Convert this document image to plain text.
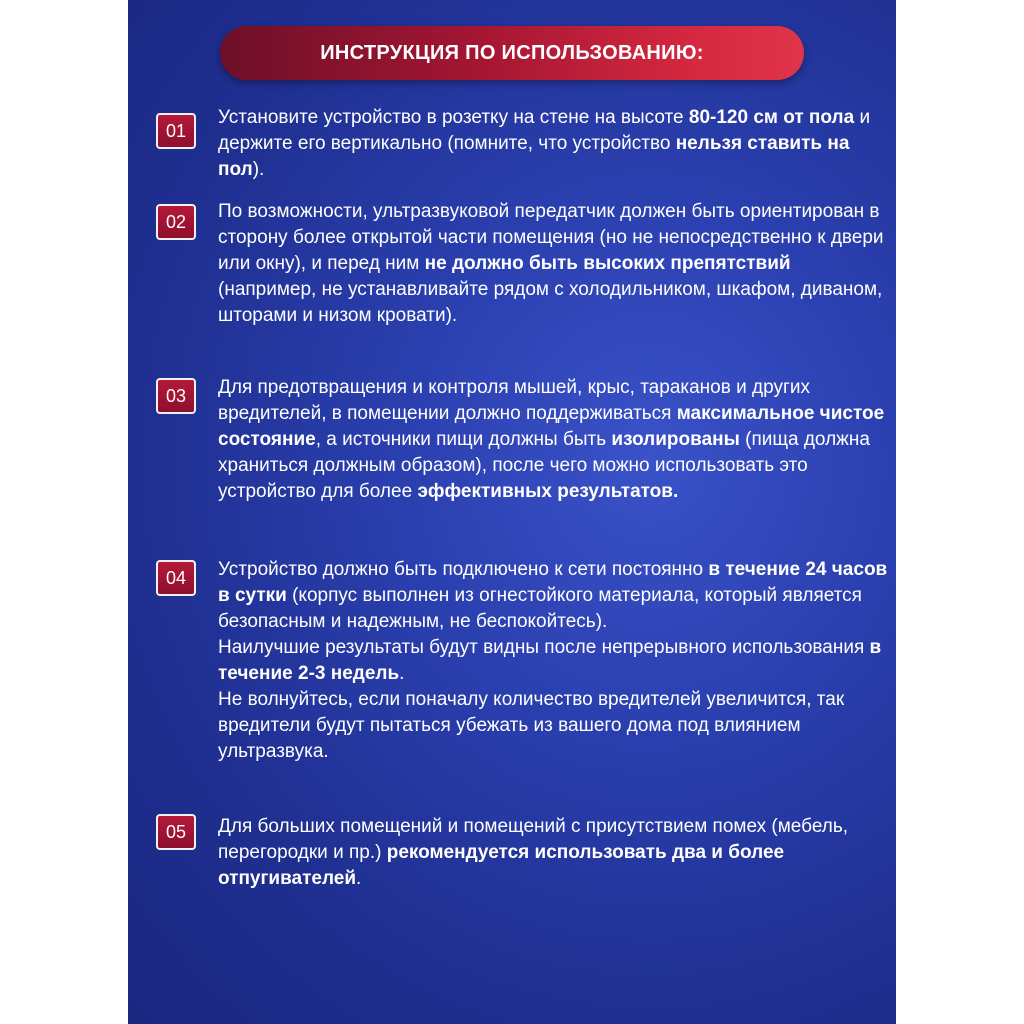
ИНСТРУКЦИЯ ПО ИСПОЛЬЗОВАНИЮ:
01

Установите устройство в розетку на стене на высоте 80-120 см от пола и держите его вертикально (помните, что устройство нельзя ставить на пол).

02	По возможности, ультразвуковой передатчик должен быть ориентирован в сторону более открытой части помещения (но не непосредственно к двери или окну), и перед ним не должно быть высоких препятствий (например, не устанавливайте рядом с холодильником, шкафом, диваном, шторами и низом кровати).

03	Для предотвращения и контроля мышей, крыс, тараканов и других вредителей, в помещении должно поддерживаться максимальное чистое состояние, а источники пищи должны быть изолированы (пища должна храниться должным образом), после чего можно использовать это устройство для более эффективных результатов.

04	Устройство должно быть подключено к сети постоянно в течение 24 часов в сутки (корпус выполнен из огнестойкого материала, который является безопасным и надежным, не беспокойтесь).

Наилучшие результаты будут видны после непрерывного использования в течение 2-3 недель.

Не волнуйтесь, если поначалу количество вредителей увеличится, так вредители будут пытаться убежать из вашего дома под влиянием ультразвука.

05	Для больших помещений и помещений с присутствием помех (мебель, перегородки и пр.) рекомендуется использовать два и более отпугивателей.
